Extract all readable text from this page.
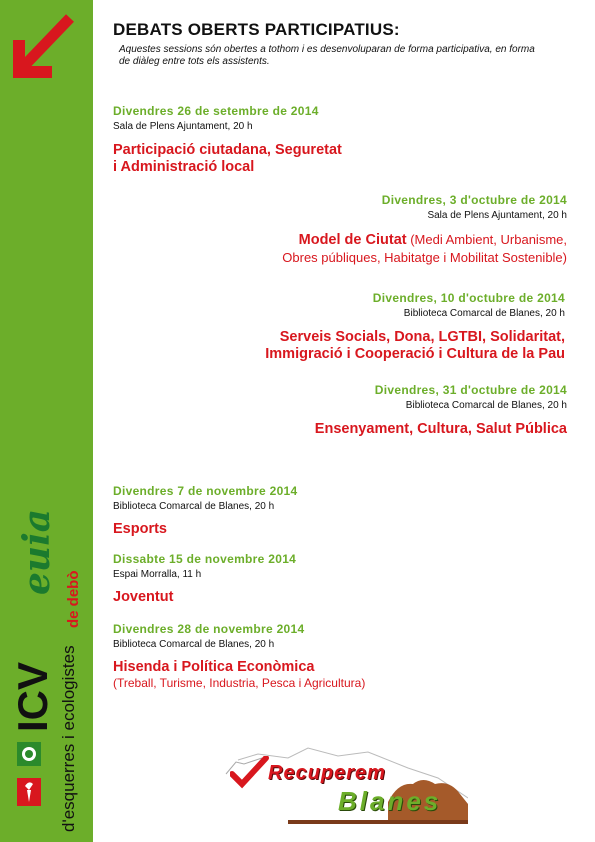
ICV d'esquerres i ecologistes
euia
de debò
DEBATS OBERTS PARTICIPATIUS:
Aquestes sessions són obertes a tothom i es desenvoluparan de forma participativa, en forma de diàleg entre tots els assistents.
Divendres 26 de setembre de 2014
Sala de Plens Ajuntament, 20 h
Participació ciutadana, Seguretat
i Administració local
Divendres, 3 d'octubre de 2014
Sala de Plens Ajuntament, 20 h
Model de Ciutat (Medi Ambient, Urbanisme,
Obres públiques, Habitatge i Mobilitat Sostenible)
Divendres, 10 d'octubre de 2014
Biblioteca Comarcal de Blanes, 20 h
Serveis Socials, Dona, LGTBI, Solidaritat,
Immigració i Cooperació i Cultura de la Pau
Divendres, 31 d'octubre de 2014
Biblioteca Comarcal de Blanes, 20 h
Ensenyament, Cultura, Salut Pública
Divendres 7 de novembre 2014
Biblioteca Comarcal de Blanes, 20 h
Esports
Dissabte 15 de novembre 2014
Espai Morralla, 11 h
Joventut
Divendres 28 de novembre 2014
Biblioteca Comarcal de Blanes, 20 h
Hisenda i Política Econòmica
(Treball, Turisme, Industria, Pesca i Agricultura)
Recuperem
Blanes
